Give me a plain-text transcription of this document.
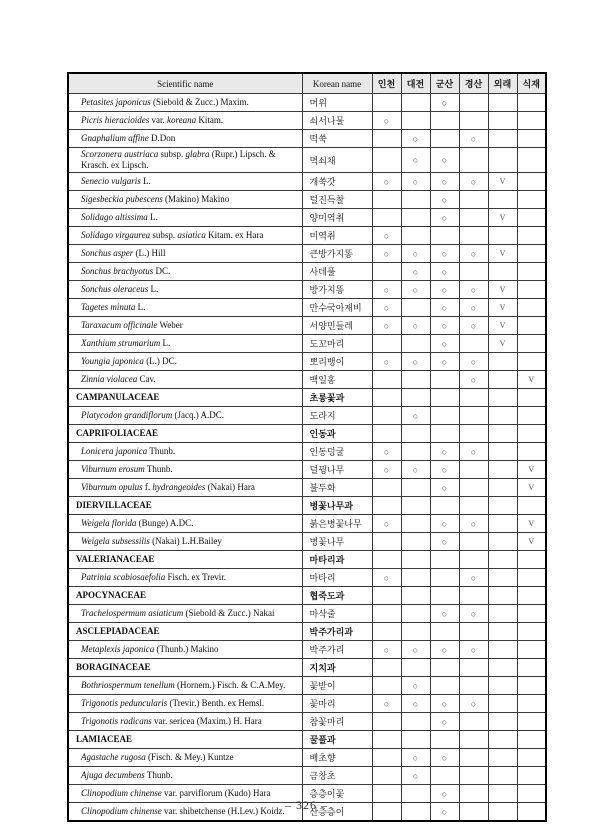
Scientific name	Korean name	인천	대전	군산	경산	외래	식재
Petasites japonicus (Siebold & Zucc.) Maxim.	머위			○			
Picris hieracioides var. koreana Kitam.	쇠서나물	○					
Gnaphalium affine D.Don	떡쑥		○		○		
Scorzonera austriaca subsp. glabra (Rupr.) Lipsch. & Krasch. ex Lipsch.	멱쇠채		○	○			
Senecio vulgaris L.	개쑥갓	○	○	○	○	V	
Sigesbeckia pubescens (Makino) Makino	털진득찰			○			
Solidago altissima L.	양미역취			○		V	
Solidago virgaurea subsp. asiatica Kitam. ex Hara	미역취	○					
Sonchus asper (L.) Hill	큰방가지똥	○	○	○	○	V	
Sonchus brachyotus DC.	사데풀		○	○			
Sonchus oleraceus L.	방가지똥	○	○	○	○	V	
Tagetes minuta L.	만수국아재비	○		○	○	V	
Taraxacum officinale Weber	서양민들레	○	○	○	○	V	
Xanthium strumarium L.	도꼬마리			○		V	
Youngia japonica (L.) DC.	뽀리뱅이	○	○	○	○		
Zinnia violacea Cav.	백일홍				○		V
CAMPANULACEAE	초롱꽃과						
Platycodon grandiflorum (Jacq.) A.DC.	도라지		○				
CAPRIFOLIACEAE	인동과						
Lonicera japonica Thunb.	인동덩굴	○		○	○		
Viburnum erosum Thunb.	덜꿩나무	○	○	○			V
Viburnum opulus f. hydrangeoides (Nakai) Hara	불두화			○			V
DIERVILLACEAE	병꽃나무과						
Weigela florida (Bunge) A.DC.	붉은병꽃나무	○		○	○		V
Weigela subsessilis (Nakai) L.H.Bailey	병꽃나무			○			V
VALERIANACEAE	마타리과						
Patrinia scabiosaefolia Fisch. ex Trevir.	마타리	○			○		
APOCYNACEAE	협죽도과						
Trachelospermum asiaticum (Siebold & Zucc.) Nakai	마삭줄			○	○		
ASCLEPIADACEAE	박주가리과						
Metaplexis japonica (Thunb.) Makino	박주가리	○	○	○	○		
BORAGINACEAE	지치과						
Bothriospermum tenellum (Hornem.) Fisch. & C.A.Mey.	꽃받이		○				
Trigonotis peduncularis (Trevir.) Benth. ex Hemsl.	꽃마리	○	○	○	○		
Trigonotis radicans var. sericea (Maxim.) H. Hara	참꽃마리			○			
LAMIACEAE	꿀풀과						
Agastache rugosa (Fisch. & Mey.) Kuntze	배초향		○	○			
Ajuga decumbens Thunb.	금창초		○				
Clinopodium chinense var. parviflorum (Kudo) Hara	층층이꽃			○			
Clinopodium chinense var. shibetchense (H.Lev.) Koidz.	산층층이			○			
– 326 –
